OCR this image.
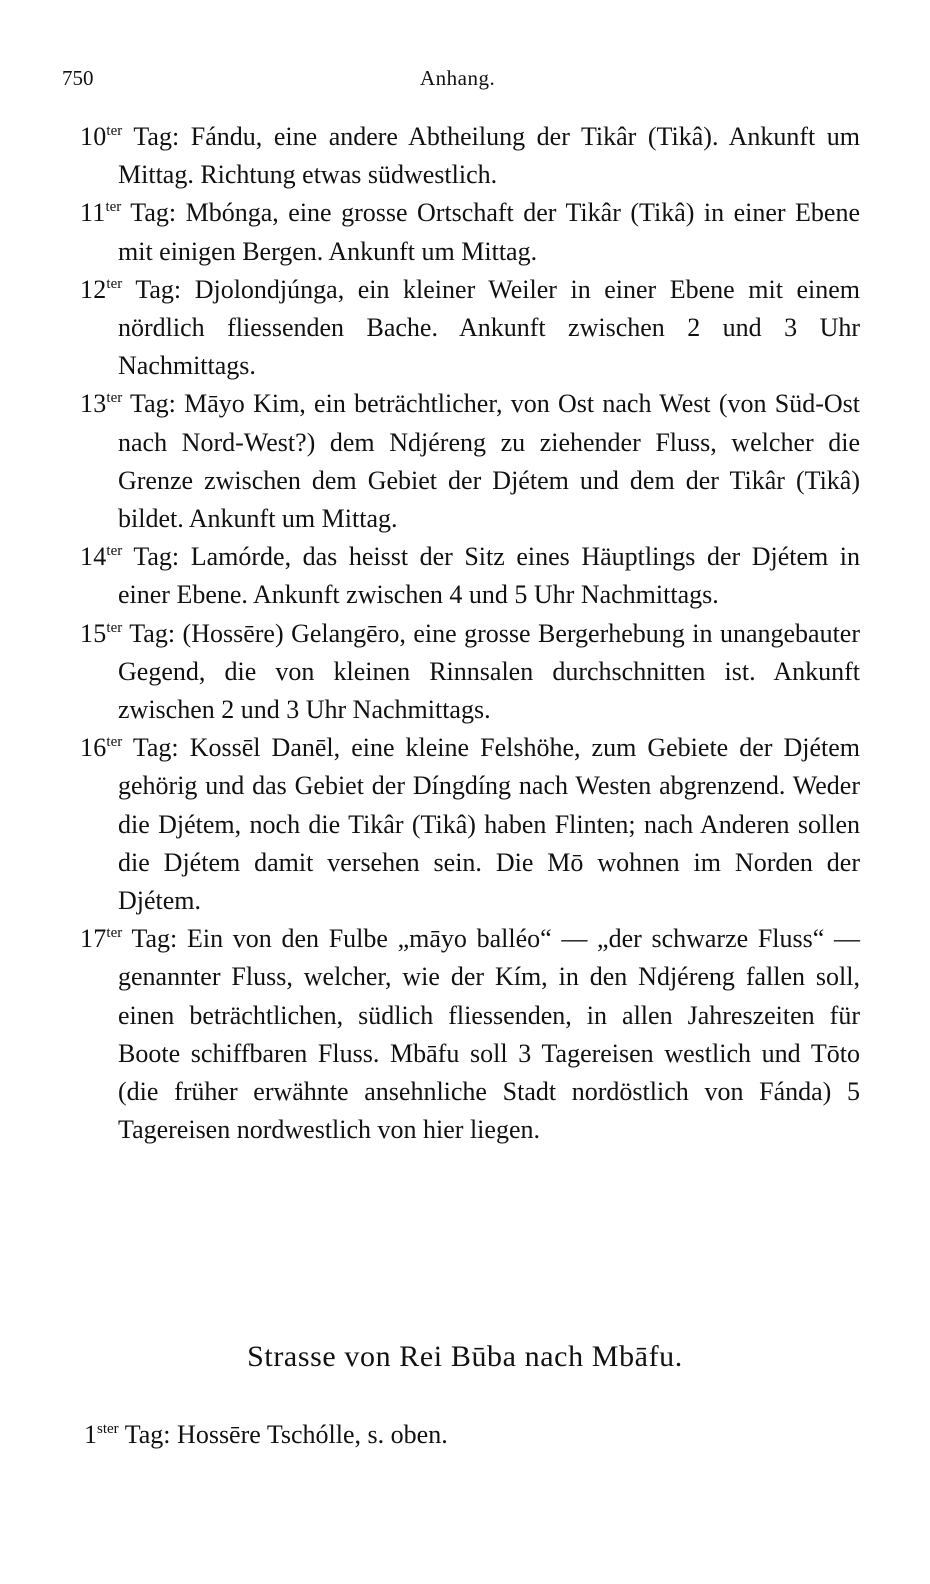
750	Anhang.

$10^{ter}$ Tag: Fándu, eine andere Abtheilung der Tikâr (Tikâ). Ankunft um Mittag. Richtung etwas südwestlich.

$11^{ter}$ Tag: Mbónga, eine grosse Ortschaft der Tikâr (Tikâ) in einer Ebene mit einigen Bergen. Ankunft um Mittag.

$12^{ter}$ Tag: Djolondjúnga, ein kleiner Weiler in einer Ebene mit einem nördlich fliessenden Bache. Ankunft zwischen 2 und 3 Uhr Nachmittags.

$13^{ter}$ Tag: Māyo Kim, ein beträchtlicher, von Ost nach West (von Süd-Ost nach Nord-West?) dem Ndjéreng zu ziehender Fluss, welcher die Grenze zwischen dem Gebiet der Djétem und dem der Tikâr (Tikâ) bildet. Ankunft um Mittag.

$14^{ter}$ Tag: Lamórde, das heisst der Sitz eines Häuptlings der Djétem in einer Ebene. Ankunft zwischen 4 und 5 Uhr Nachmittags.

$15^{ter}$ Tag: (Hossēre) Gelangēro, eine grosse Bergerhebung in unangebauter Gegend, die von kleinen Rinnsalen durchschnitten ist. Ankunft zwischen 2 und 3 Uhr Nachmittags.

$16^{ter}$ Tag: Kossēl Danēl, eine kleine Felshöhe, zum Gebiete der Djétem gehörig und das Gebiet der Díngdíng nach Westen abgrenzend. Weder die Djétem, noch die Tikâr (Tikâ) haben Flinten; nach Anderen sollen die Djétem damit versehen sein. Die Mō wohnen im Norden der Djétem.

$17^{ter}$ Tag: Ein von den Fulbe „māyo balléo“ — „der schwarze Fluss“ — genannter Fluss, welcher, wie der Kím, in den Ndjéreng fallen soll, einen beträchtlichen, südlich fliessenden, in allen Jahreszeiten für Boote schiffbaren Fluss. Mbāfu soll 3 Tagereisen westlich und Tōto (die früher erwähnte ansehnliche Stadt nordöstlich von Fánda) 5 Tagereisen nordwestlich von hier liegen.

Strasse von Rei Būba nach Mbāfu.

$1^{ster}$ Tag: Hossēre Tschólle, s. oben.
